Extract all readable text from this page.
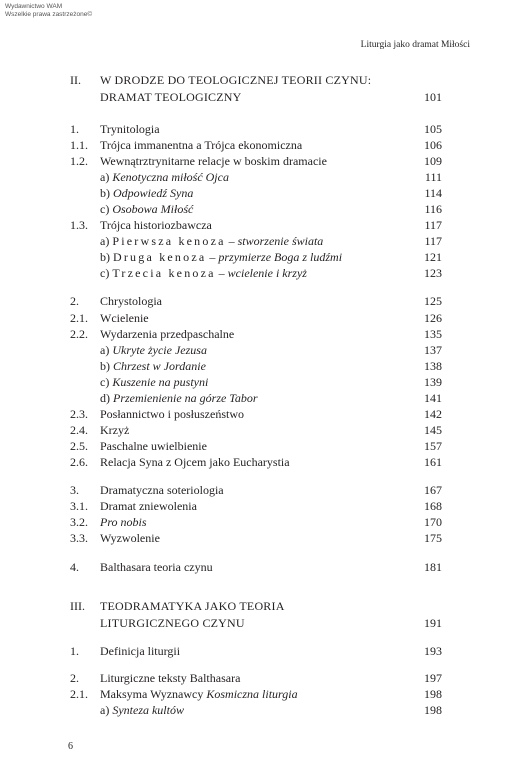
Wydawnictwo WAM
Wszelkie prawa zastrzeżone©
Liturgia jako dramat Miłości
II. W DRODZE DO TEOLOGICZNEJ TEORII CZYNU:
DRAMAT TEOLOGICZNY	101
1. Trynitologia	105
1.1. Trójca immanentna a Trójca ekonomiczna	106
1.2. Wewnątrztrynitarne relacje w boskim dramacie	109
a) Kenotyczna miłość Ojca	111
b) Odpowiedź Syna	114
c) Osobowa Miłość	116
1.3. Trójca historiozbawcza	117
a) Pierwsza kenoza – stworzenie świata	117
b) Druga kenoza – przymierze Boga z ludźmi	121
c) Trzecia kenoza – wcielenie i krzyż	123
2. Chrystologia	125
2.1. Wcielenie	126
2.2. Wydarzenia przedpaschalne	135
a) Ukryte życie Jezusa	137
b) Chrzest w Jordanie	138
c) Kuszenie na pustyni	139
d) Przemienienie na górze Tabor	141
2.3. Posłannictwo i posłuszeństwo	142
2.4. Krzyż	145
2.5. Paschalne uwielbienie	157
2.6. Relacja Syna z Ojcem jako Eucharystia	161
3. Dramatyczna soteriologia	167
3.1. Dramat zniewolenia	168
3.2. Pro nobis	170
3.3. Wyzwolenie	175
4. Balthasara teoria czynu	181
III. TEODRAMATYKA JAKO TEORIA
LITURGICZNEGO CZYNU	191
1. Definicja liturgii	193
2. Liturgiczne teksty Balthasara	197
2.1. Maksyma Wyznawcy Kosmiczna liturgia	198
a) Synteza kultów	198
6
